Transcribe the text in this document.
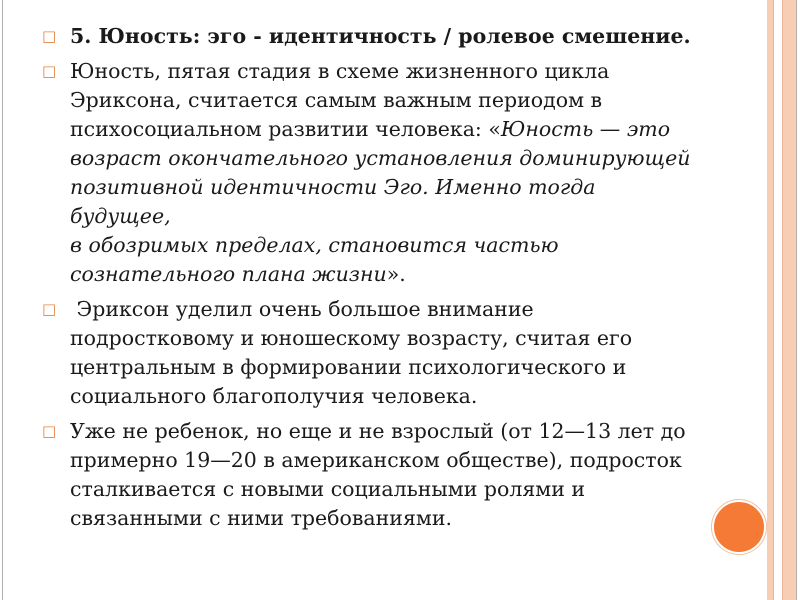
□ 5. Юность: эго - идентичность / ролевое смешение.
□ Юность, пятая стадия в схеме жизненного цикла
Эриксона, считается самым важным периодом в
психосоциальном развитии человека: «Юность — это
возраст окончательного установления доминирующей
позитивной идентичности Эго. Именно тогда будущее,
в обозримых пределах, становится частью
сознательного плана жизни».
□ Эриксон уделил очень большое внимание
подростковому и юношескому возрасту, считая его
центральным в формировании психологического и
социального благополучия человека.
□ Уже не ребенок, но еще и не взрослый (от 12—13 лет до
примерно 19—20 в американском обществе), подросток
сталкивается с новыми социальными ролями и
связанными с ними требованиями.
